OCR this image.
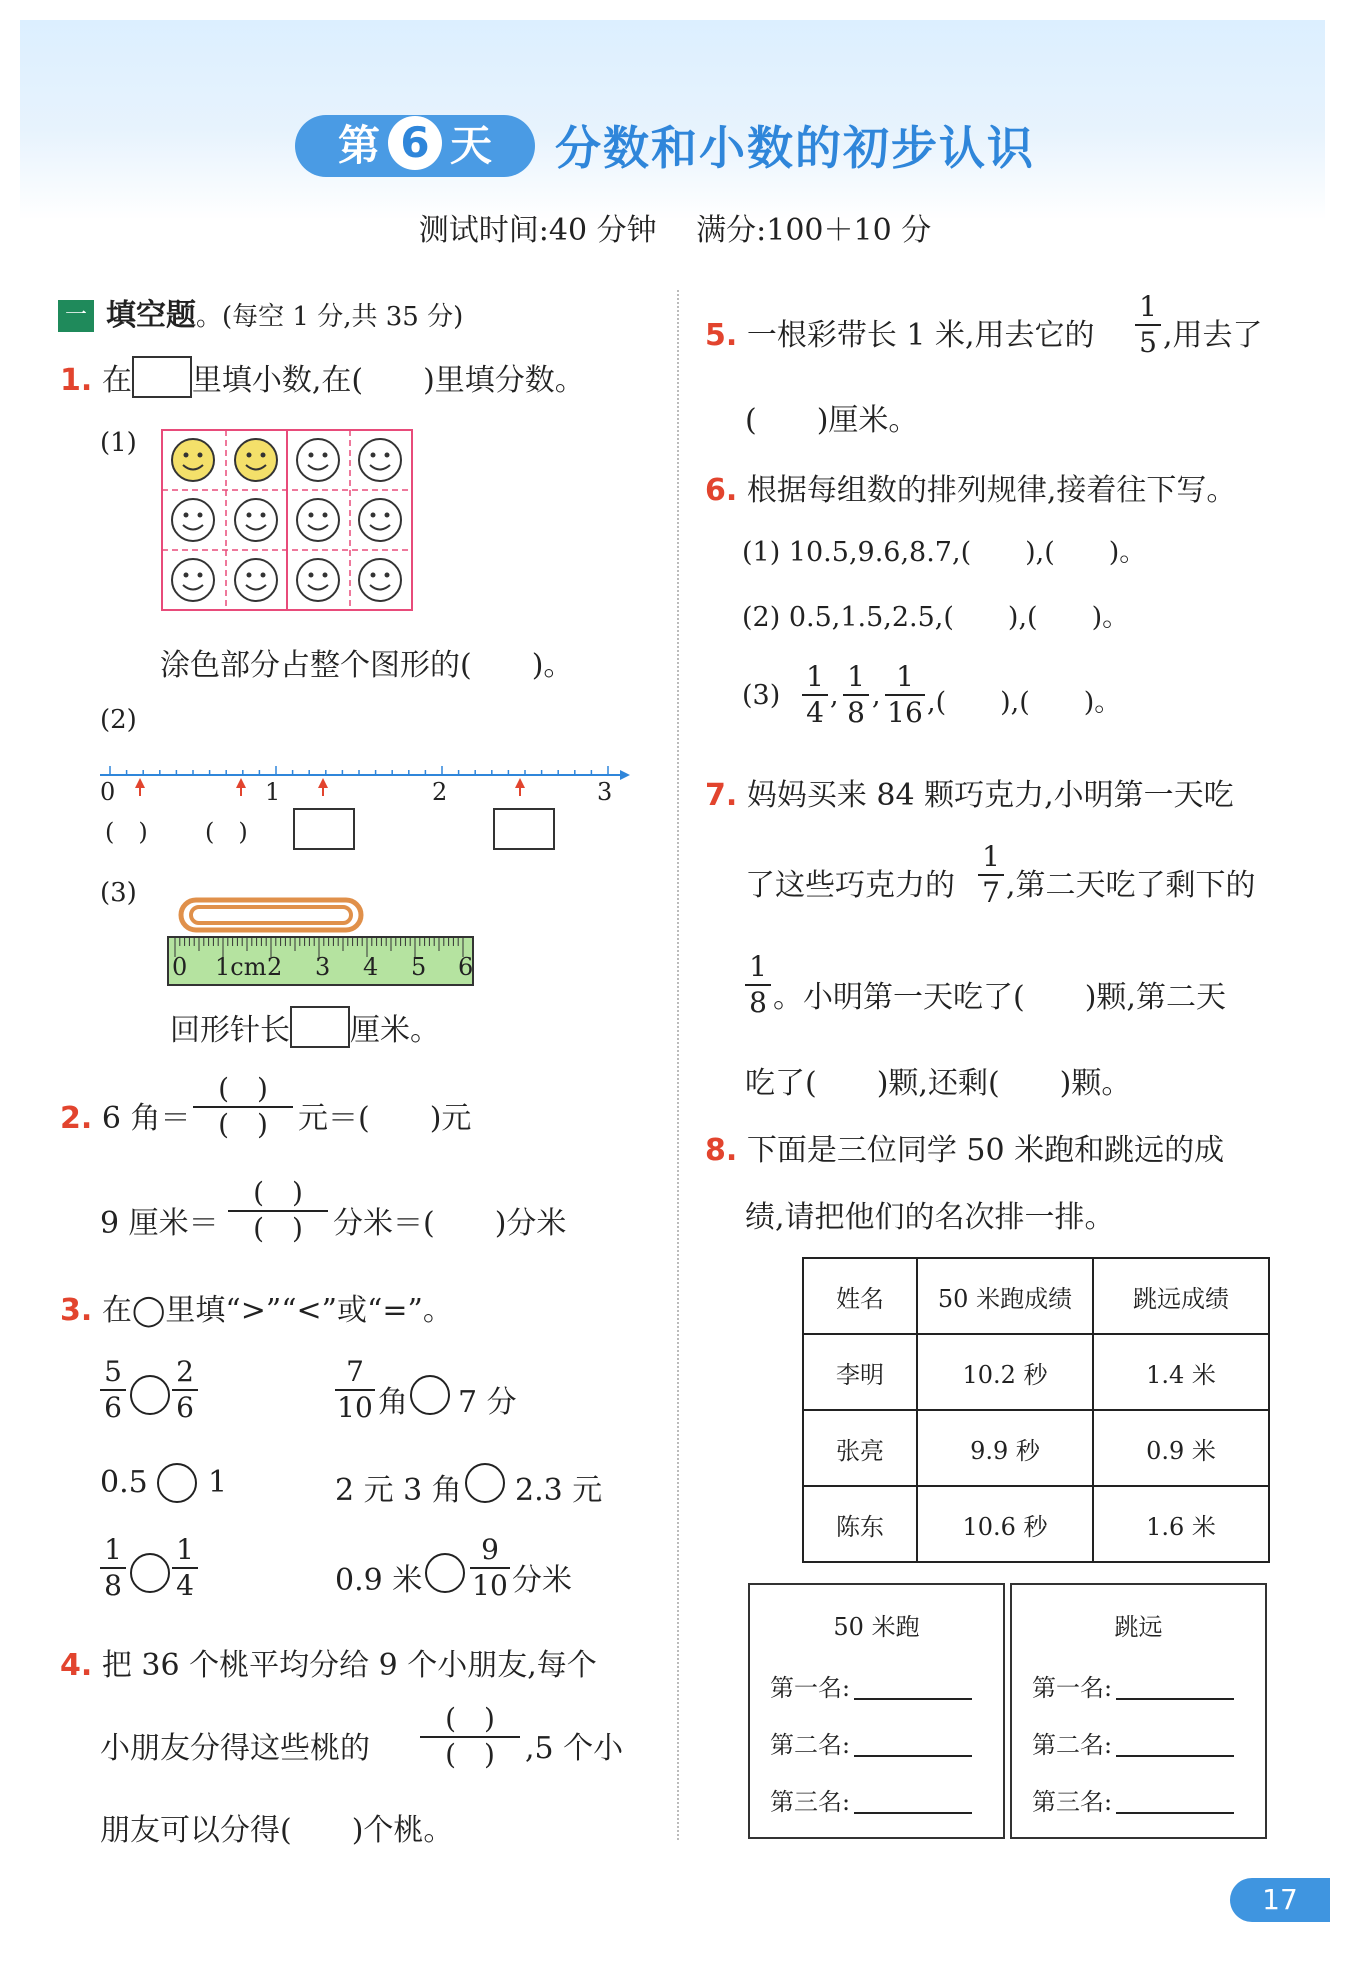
第 6 天	分数和小数的初步认识
测试时间:40 分钟　 满分:100＋10 分
一 填空题。(每空 1 分,共 35 分)
1. 在 里填小数,在(　　)里填分数。
(1)
涂色部分占整个图形的(　　)。
(2)
0	1	2	3
(　) (　)
(3)
0 1cm 2 3 4 5 6
回形针长 厘米。
2. 6 角＝
(　)
(　)	元＝(　　)元
9 厘米＝
(　)
(　)	分米＝(　　)分米
3. 在◯里填“>”“<”或“=”。
$\frac{5}{6} \frac{2}{6}$	$\frac{7}{10}$ 角 7 分
0.5 1	2 元 3 角 2.3 元
$\frac{1}{8} \frac{1}{4}$	0.9 米 $\frac{9}{10}$ 分米
4. 把 36 个桃平均分给 9 个小朋友,每个
小朋友分得这些桃的
(　)
(　)	,5 个小
朋友可以分得(　　)个桃。
5. 一根彩带长 1 米,用去它的 $\frac{1}{5}$ ,用去了
(　　)厘米。
6. 根据每组数的排列规律,接着往下写。
(1) 10.5,9.6,8.7,(　　),(　　)。
(2) 0.5,1.5,2.5,(　　),(　　)。
$(3) \frac{1}{4}$ , $\frac{1}{8}$ , $\frac{1}{16}$ ,(　　),(　　)。
7. 妈妈买来 84 颗巧克力,小明第一天吃
了这些巧克力的 $\frac{1}{7}$ ,第二天吃了剩下的
$\frac{1}{8}$ 。小明第一天吃了(　　)颗,第二天
吃了(　　)颗,还剩(　　)颗。
8. 下面是三位同学 50 米跑和跳远的成
绩,请把他们的名次排一排。
姓名	50 米跑成绩	跳远成绩
李明	10.2 秒	1.4 米
张亮	9.9 秒	0.9 米
陈东	10.6 秒	1.6 米
50 米跑
第一名:
第二名:
第三名:
跳远
第一名:
第二名:
第三名:
17
